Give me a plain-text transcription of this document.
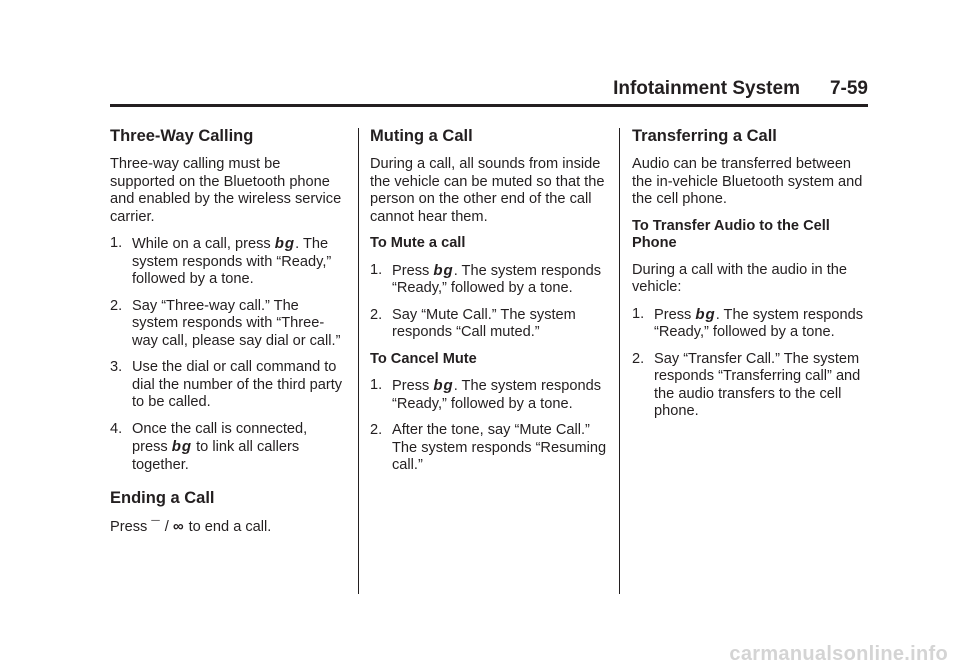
Infotainment System 7-59
Three-Way Calling

Three-way calling must be supported on the Bluetooth phone and enabled by the wireless service carrier.

1. While on a call, press bg. The system responds with “Ready,” followed by a tone.
2. Say “Three-way call.” The system responds with “Three-way call, please say dial or call.”
3. Use the dial or call command to dial the number of the third party to be called.
4. Once the call is connected, press bg to link all callers together.
Ending a Call

Press ¯ / ∞ to end a call.

Muting a Call

During a call, all sounds from inside the vehicle can be muted so that the person on the other end of the call cannot hear them.

To Mute a call
1. Press bg. The system responds “Ready,” followed by a tone.
2. Say “Mute Call.” The system responds “Call muted.”
To Cancel Mute
1. Press bg. The system responds “Ready,” followed by a tone.
2. After the tone, say “Mute Call.” The system responds “Resuming call.”
Transferring a Call

Audio can be transferred between the in-vehicle Bluetooth system and the cell phone.

To Transfer Audio to the Cell Phone

During a call with the audio in the vehicle:

1. Press bg. The system responds “Ready,” followed by a tone.
2. Say “Transfer Call.” The system responds “Transferring call” and the audio transfers to the cell phone.
carmanualsonline.info
